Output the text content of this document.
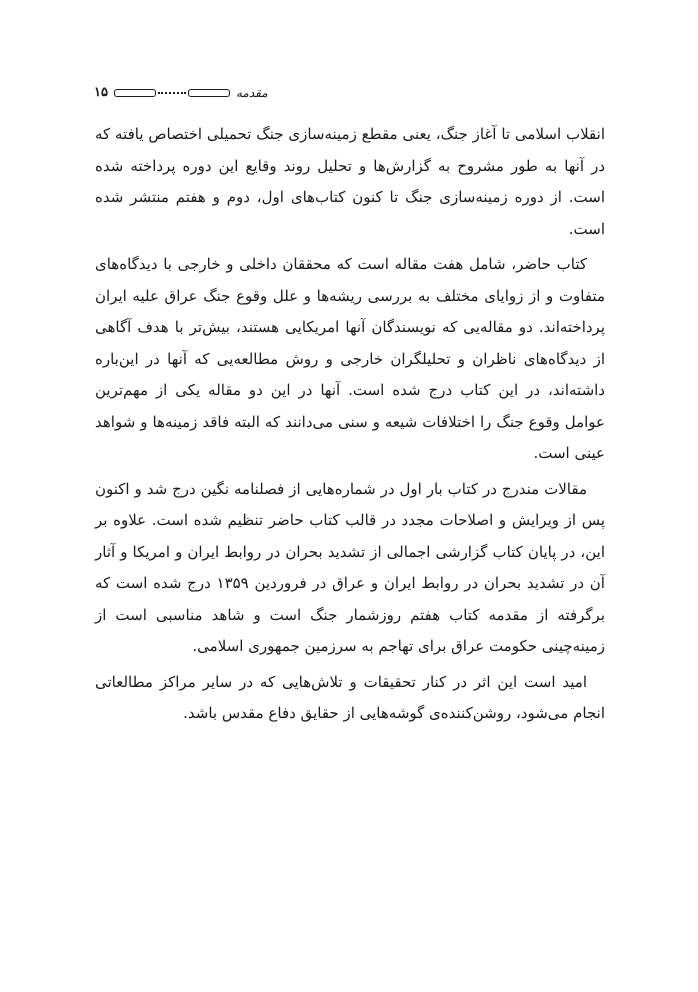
۱۵	مقدمه

انقلاب اسلامی تا آغاز جنگ، یعنی مقطع زمینه‌سازی جنگ تحمیلی اختصاص یافته که در آنها به طور مشروح به گزارش‌ها و تحلیل روند وقایع این دوره پرداخته شده است. از دوره زمینه‌سازی جنگ تا کنون کتاب‌های اول، دوم و هفتم منتشر شده است.

کتاب حاضر، شامل هفت مقاله است که محققان داخلی و خارجی با دیدگاه‌های متفاوت و از زوایای مختلف به بررسی ریشه‌ها و علل وقوع جنگ عراق علیه ایران پرداخته‌اند. دو مقاله‌یی که نویسندگان آنها امریکایی هستند، بیش‌تر با هدف آگاهی از دیدگاه‌های ناظران و تحلیلگران خارجی و روش مطالعه‌یی که آنها در این‌باره داشته‌اند، در این کتاب درج شده است. آنها در این دو مقاله یکی از مهم‌ترین عوامل وقوع جنگ را اختلافات شیعه و سنی می‌دانند که البته فاقد زمینه‌ها و شواهد عینی است.

مقالات مندرج در کتاب بار اول در شماره‌هایی از فصلنامه نگین درج شد و اکنون پس از ویرایش و اصلاحات مجدد در قالب کتاب حاضر تنظیم شده است. علاوه بر این، در پایان کتاب گزارشی اجمالی از تشدید بحران در روابط ایران و امریکا و آثار آن در تشدید بحران در روابط ایران و عراق در فروردین ۱۳۵۹ درج شده است که برگرفته از مقدمه کتاب هفتم روزشمار جنگ است و شاهد مناسبی است از زمینه‌چینی حکومت عراق برای تهاجم به سرزمین جمهوری اسلامی.

امید است این اثر در کنار تحقیقات و تلاش‌هایی که در سایر مراکز مطالعاتی انجام می‌شود، روشن‌کننده‌ی گوشه‌هایی از حقایق دفاع مقدس باشد.
